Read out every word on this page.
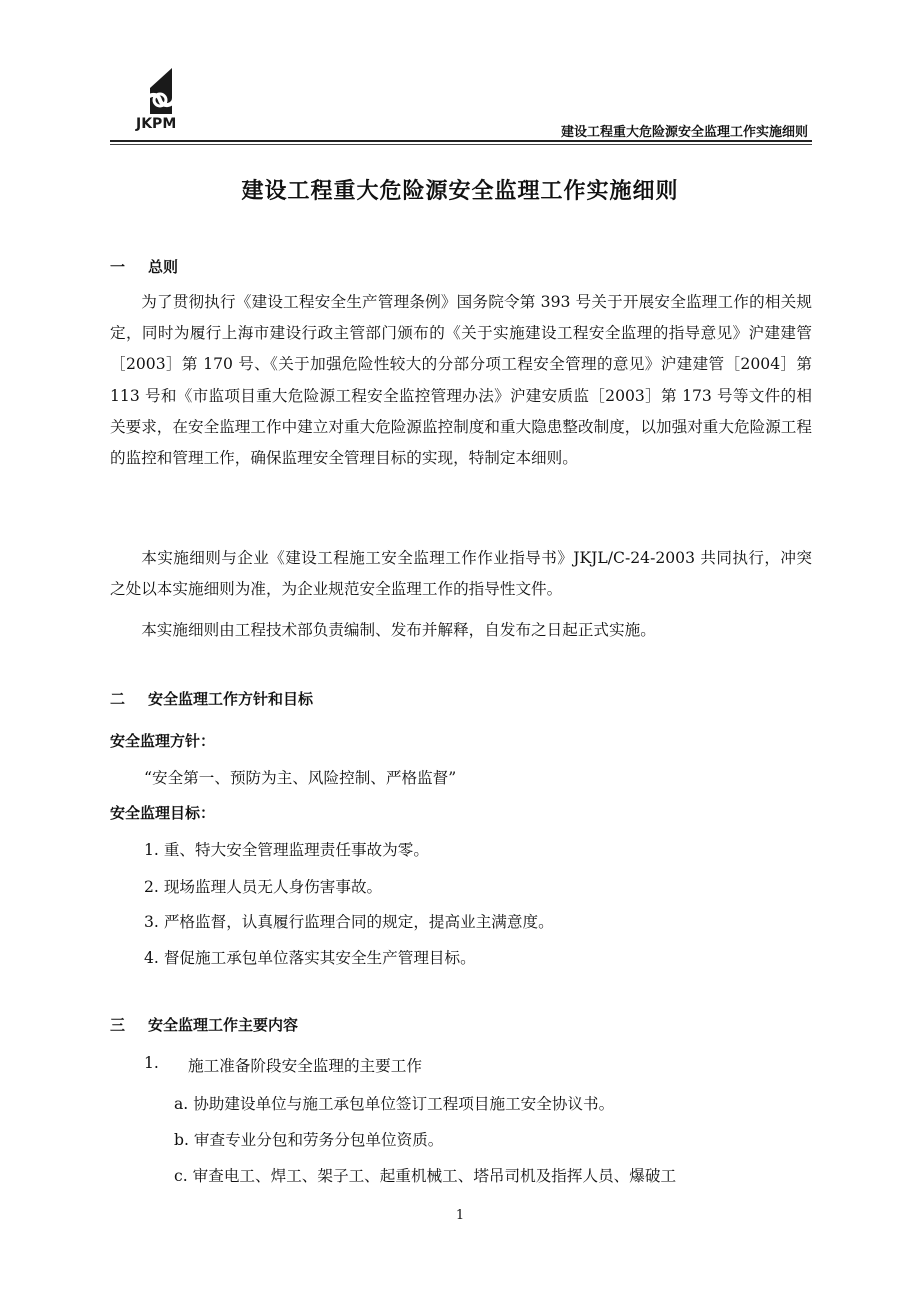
JKPM
建设工程重大危险源安全监理工作实施细则
建设工程重大危险源安全监理工作实施细则
一 总则

为了贯彻执行《建设工程安全生产管理条例》国务院令第 393 号关于开展安全监理工作的相关规定，同时为履行上海市建设行政主管部门颁布的《关于实施建设工程安全监理的指导意见》沪建建管［2003］第 170 号、《关于加强危险性较大的分部分项工程安全管理的意见》沪建建管［2004］第 113 号和《市监项目重大危险源工程安全监控管理办法》沪建安质监［2003］第 173 号等文件的相关要求，在安全监理工作中建立对重大危险源监控制度和重大隐患整改制度，以加强对重大危险源工程的监控和管理工作，确保监理安全管理目标的实现，特制定本细则。

本实施细则与企业《建设工程施工安全监理工作作业指导书》JKJL/C-24-2003 共同执行，冲突之处以本实施细则为准，为企业规范安全监理工作的指导性文件。

本实施细则由工程技术部负责编制、发布并解释，自发布之日起正式实施。

二 安全监理工作方针和目标
安全监理方针：
“安全第一、预防为主、风险控制、严格监督”
安全监理目标：
1. 重、特大安全管理监理责任事故为零。
2. 现场监理人员无人身伤害事故。
3. 严格监督，认真履行监理合同的规定，提高业主满意度。
4. 督促施工承包单位落实其安全生产管理目标。
三 安全监理工作主要内容
1. 施工准备阶段安全监理的主要工作
a. 协助建设单位与施工承包单位签订工程项目施工安全协议书。
b. 审查专业分包和劳务分包单位资质。
c. 审查电工、焊工、架子工、起重机械工、塔吊司机及指挥人员、爆破工
1
